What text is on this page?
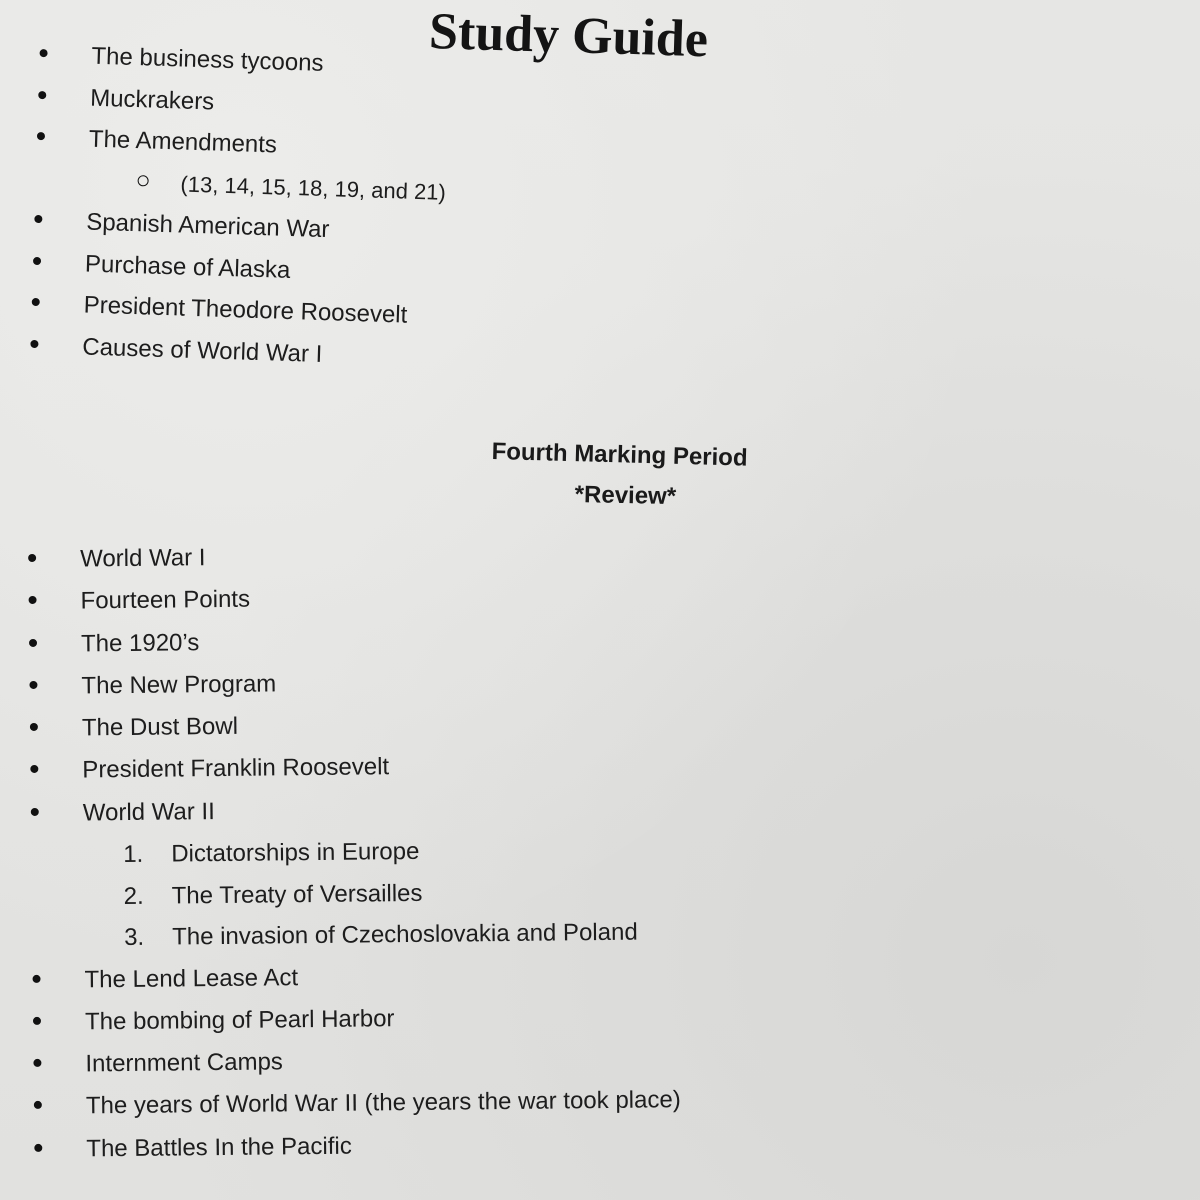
Study Guide
The business tycoons
Muckrakers
The Amendments
(13, 14, 15, 18, 19, and 21)
Spanish American War
Purchase of Alaska
President Theodore Roosevelt
Causes of World War I
Fourth Marking Period
*Review*
World War I
Fourteen Points
The 1920’s
The New Program
The Dust Bowl
President Franklin Roosevelt
World War II
1. Dictatorships in Europe
2. The Treaty of Versailles
3. The invasion of Czechoslovakia and Poland
The Lend Lease Act
The bombing of Pearl Harbor
Internment Camps
The years of World War II (the years the war took place)
The Battles In the Pacific
